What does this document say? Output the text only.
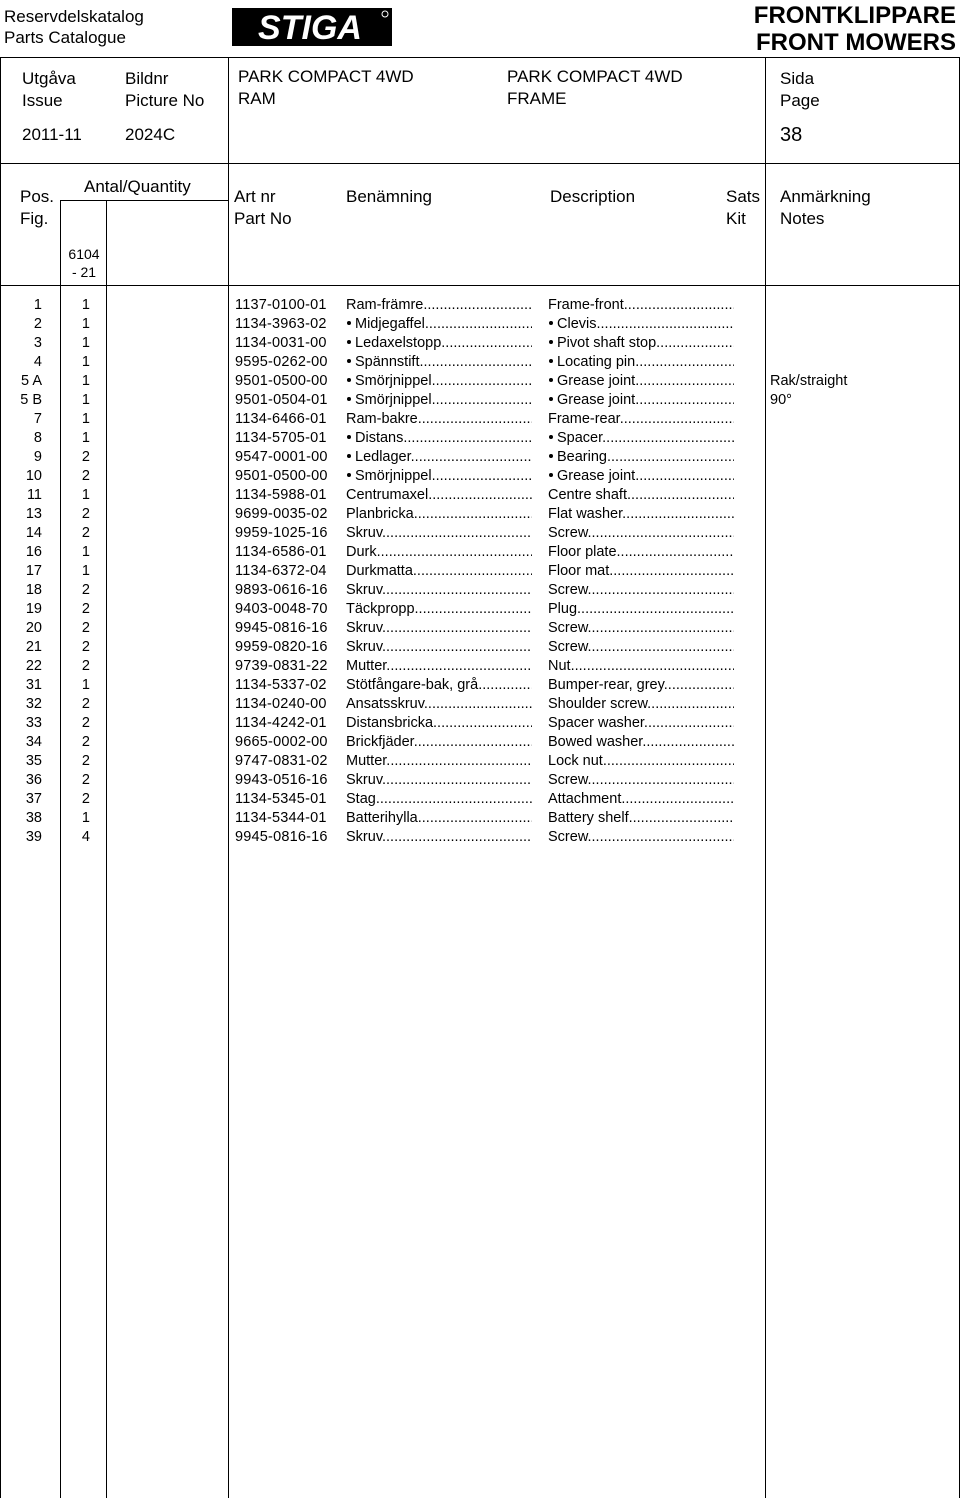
Reservdelskatalog
Parts Catalogue	STIGA	FRONTKLIPPARE
FRONT MOWERS
Utgåva
Issue
2011-11
Bildnr
Picture No
2024C
PARK COMPACT 4WD
RAM
PARK COMPACT 4WD
FRAME
Sida
Page
38
Pos.
Fig.
Antal/Quantity
6104
- 21
Art nr
Part No
Benämning	Description	Sats
Kit
Anmärkning
Notes
1	1	1137-0100-01 Ram-främre .....	Frame-front .....
2	1	1134-3963-02	Midjegaffel .....	Clevis .....
3	1	1134-0031-00	Ledaxelstopp .....	Pivot shaft stop .....
4	1	9595-0262-00	Spännstift .....	Locating pin .....
5 A	1	9501-0500-00	Smörjnippel .....	Grease joint .....	Rak/straight
5 B	1	9501-0504-01	Smörjnippel .....	Grease joint .....	90°
7	1	1134-6466-01 Ram-bakre .....	Frame-rear .....
8	1	1134-5705-01	Distans .....	Spacer .....
9	2	9547-0001-00	Ledlager .....	Bearing .....
10	2	9501-0500-00	Smörjnippel .....	Grease joint .....
11	1	1134-5988-01 Centrumaxel .....	Centre shaft .....
13	2	9699-0035-02 Planbricka .....	Flat washer .....
14	2	9959-1025-16 Skruv .....	Screw .....
16	1	1134-6586-01 Durk .....	Floor plate .....
17	1	1134-6372-04 Durkmatta .....	Floor mat .....
18	2	9893-0616-16 Skruv .....	Screw .....
19	2	9403-0048-70 Täckpropp .....	Plug .....
20	2	9945-0816-16 Skruv .....	Screw .....
21	2	9959-0820-16 Skruv .....	Screw .....
22	2	9739-0831-22 Mutter .....	Nut .....
31	1	1134-5337-02 Stötfångare-bak, grå .....	Bumper-rear, grey .....
32	2	1134-0240-00 Ansatsskruv .....	Shoulder screw .....
33	2	1134-4242-01 Distansbricka .....	Spacer washer .....
34	2	9665-0002-00 Brickfjäder .....	Bowed washer .....
35	2	9747-0831-02 Mutter .....	Lock nut .....
36	2	9943-0516-16 Skruv .....	Screw .....
37	2	1134-5345-01 Stag .....	Attachment .....
38	1	1134-5344-01 Batterihylla .....	Battery shelf .....
39	4	9945-0816-16 Skruv .....	Screw .....
